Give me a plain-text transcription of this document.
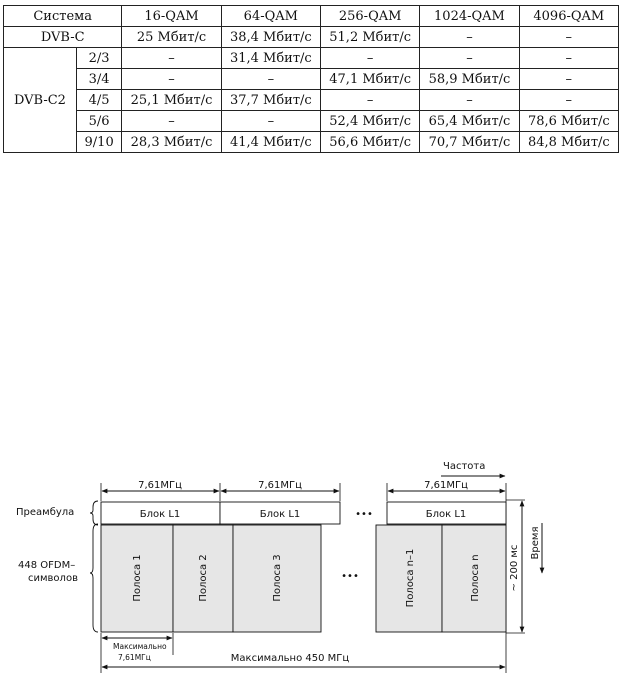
Система		16-QAM	64-QAM	256-QAM	1024-QAM	4096-QAM
DVB-C		25 Мбит/с	38,4 Мбит/с	51,2 Мбит/с	–	–
DVB-C2	2/3	–	31,4 Мбит/с	–	–	–
	3/4	–	–	47,1 Мбит/с	58,9 Мбит/с	–
	4/5	25,1 Мбит/с	37,7 Мбит/с	–	–	–
	5/6	–	–	52,4 Мбит/с	65,4 Мбит/с	78,6 Мбит/с
	9/10	28,3 Мбит/с	41,4 Мбит/с	56,6 Мбит/с	70,7 Мбит/с	84,8 Мбит/с
Частота
7,61МГц	7,61МГц	7,61МГц
Преамбула	Блок L1	Блок L1	•••	Блок L1
448 OFDM–
символов	Полоса 1	Полоса 2	Полоса 3	•••	Полоса n–1	Полоса n	~ 200 мс
Время
Максимально
7,61МГц	Максимально 450 МГц
